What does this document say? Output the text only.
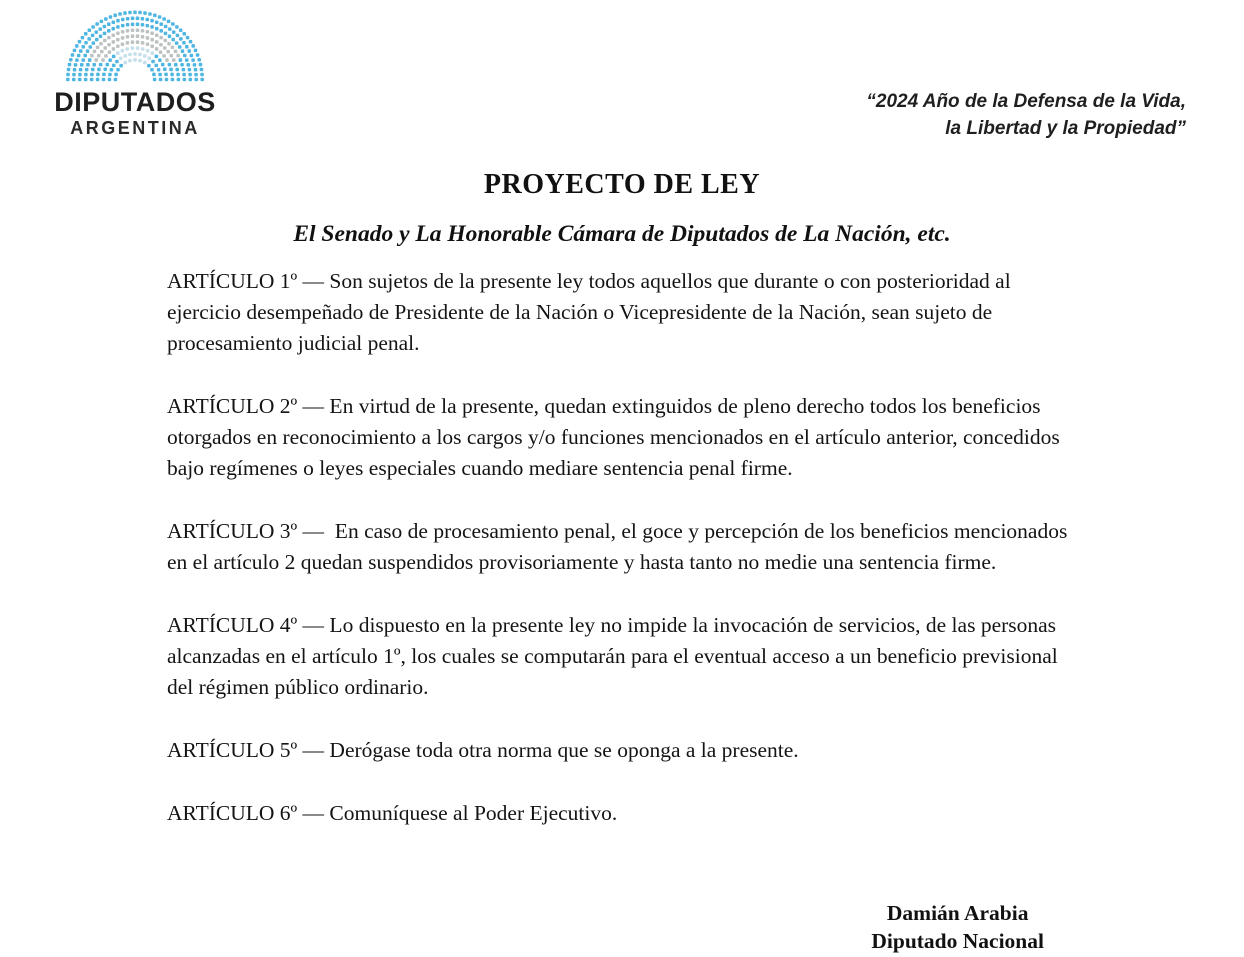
DIPUTADOS
ARGENTINA
“2024 Año de la Defensa de la Vida,
la Libertad y la Propiedad”
PROYECTO DE LEY
El Senado y La Honorable Cámara de Diputados de La Nación, etc.

ARTÍCULO 1º — Son sujetos de la presente ley todos aquellos que durante o con posterioridad al ejercicio desempeñado de Presidente de la Nación o Vicepresidente de la Nación, sean sujeto de procesamiento judicial penal.

ARTÍCULO 2º — En virtud de la presente, quedan extinguidos de pleno derecho todos los beneficios otorgados en reconocimiento a los cargos y/o funciones mencionados en el artículo anterior, concedidos bajo regímenes o leyes especiales cuando mediare sentencia penal firme.

ARTÍCULO 3º —  En caso de procesamiento penal, el goce y percepción de los beneficios mencionados en el artículo 2 quedan suspendidos provisoriamente y hasta tanto no medie una sentencia firme.

ARTÍCULO 4º — Lo dispuesto en la presente ley no impide la invocación de servicios, de las personas alcanzadas en el artículo 1º, los cuales se computarán para el eventual acceso a un beneficio previsional del régimen público ordinario.

ARTÍCULO 5º — Derógase toda otra norma que se oponga a la presente.

ARTÍCULO 6º — Comuníquese al Poder Ejecutivo.

Damián Arabia
Diputado Nacional
